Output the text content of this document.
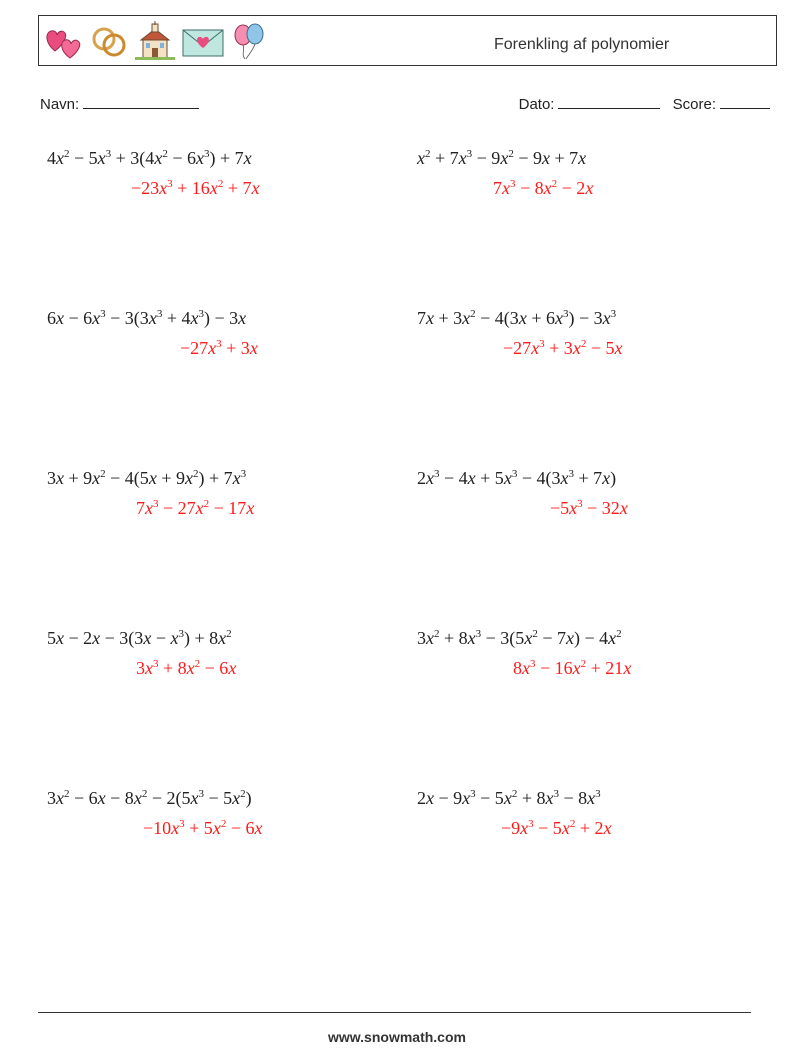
Forenkling af polynomier
Navn:	Dato:	Score:
$4x^2 - 5x^3 + 3(4x^2 - 6x^3) + 7x$
$-23x^3 + 16x^2 + 7x$
$x^2 + 7x^3 - 9x^2 - 9x + 7x$
$7x^3 - 8x^2 - 2x$
$6x - 6x^3 - 3(3x^3 + 4x^3) - 3x$
$-27x^3 + 3x$
$7x + 3x^2 - 4(3x + 6x^3) - 3x^3$
$-27x^3 + 3x^2 - 5x$
$3x + 9x^2 - 4(5x + 9x^2) + 7x^3$
$7x^3 - 27x^2 - 17x$
$2x^3 - 4x + 5x^3 - 4(3x^3 + 7x)$
$-5x^3 - 32x$
$5x - 2x - 3(3x - x^3) + 8x^2$
$3x^3 + 8x^2 - 6x$
$3x^2 + 8x^3 - 3(5x^2 - 7x) - 4x^2$
$8x^3 - 16x^2 + 21x$
$3x^2 - 6x - 8x^2 - 2(5x^3 - 5x^2)$
$-10x^3 + 5x^2 - 6x$
$2x - 9x^3 - 5x^2 + 8x^3 - 8x^3$
$-9x^3 - 5x^2 + 2x$
www.snowmath.com
